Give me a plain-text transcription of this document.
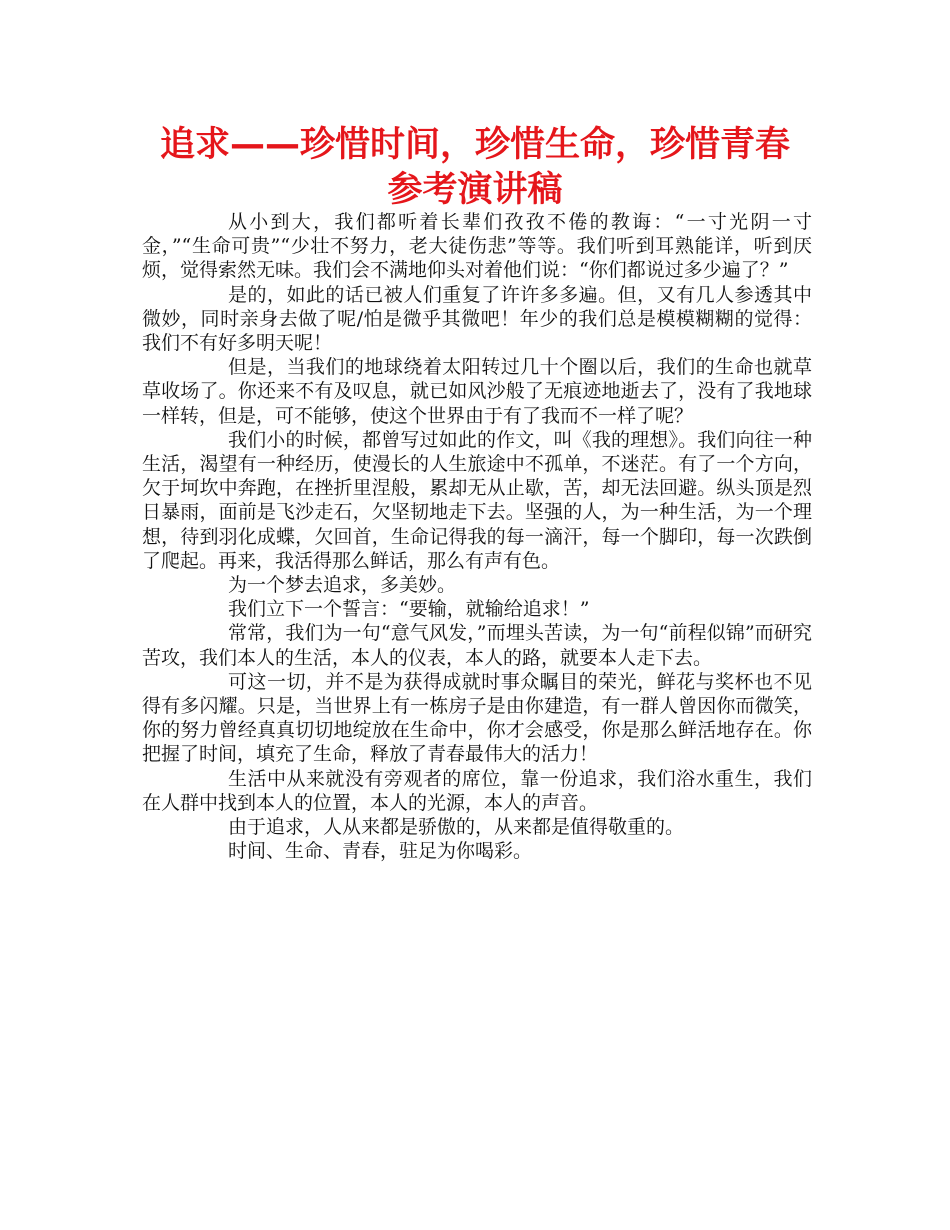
追求——珍惜时间，珍惜生命，珍惜青春
参考演讲稿

从小到大，我们都听着长辈们孜孜不倦的教诲：“一寸光阴一寸金，”“生命可贵”“少壮不努力，老大徒伤悲”等等。我们听到耳熟能详，听到厌烦，觉得索然无味。我们会不满地仰头对着他们说：“你们都说过多少遍了？”

是的，如此的话已被人们重复了许许多多遍。但，又有几人参透其中微妙，同时亲身去做了呢/怕是微乎其微吧！年少的我们总是模模糊糊的觉得：我们不有好多明天呢！

但是，当我们的地球绕着太阳转过几十个圈以后，我们的生命也就草草收场了。你还来不有及叹息，就已如风沙般了无痕迹地逝去了，没有了我地球一样转，但是，可不能够，使这个世界由于有了我而不一样了呢？

我们小的时候，都曾写过如此的作文，叫《我的理想》。我们向往一种生活，渴望有一种经历，使漫长的人生旅途中不孤单，不迷茫。有了一个方向，欠于坷坎中奔跑，在挫折里涅般，累却无从止歇，苦，却无法回避。纵头顶是烈日暴雨，面前是飞沙走石，欠坚韧地走下去。坚强的人，为一种生活，为一个理想，待到羽化成蝶，欠回首，生命记得我的每一滴汗，每一个脚印，每一次跌倒了爬起。再来，我活得那么鲜话，那么有声有色。

为一个梦去追求，多美妙。

我们立下一个誓言：“要输，就输给追求！”

常常，我们为一句“意气风发，”而埋头苦读，为一句“前程似锦”而研究苦攻，我们本人的生活，本人的仪表，本人的路，就要本人走下去。

可这一切，并不是为获得成就时事众瞩目的荣光，鲜花与奖杯也不见得有多闪耀。只是，当世界上有一栋房子是由你建造，有一群人曾因你而微笑，你的努力曾经真真切切地绽放在生命中，你才会感受，你是那么鲜活地存在。你把握了时间，填充了生命，释放了青春最伟大的活力！

生活中从来就没有旁观者的席位，靠一份追求，我们浴水重生，我们在人群中找到本人的位置，本人的光源，本人的声音。

由于追求，人从来都是骄傲的，从来都是值得敬重的。

时间、生命、青春，驻足为你喝彩。
